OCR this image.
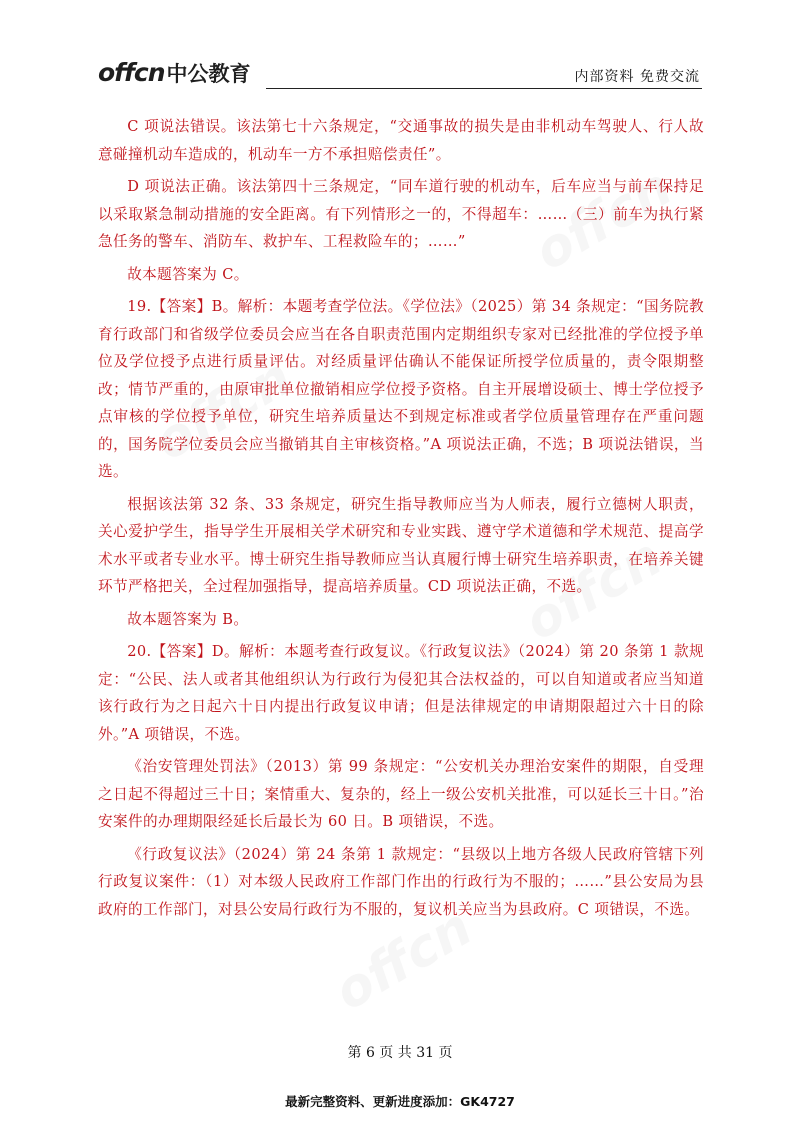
offcn 中公教育	内部资料 免费交流

C 项说法错误。该法第七十六条规定，“交通事故的损失是由非机动车驾驶人、行人故意碰撞机动车造成的，机动车一方不承担赔偿责任”。

D 项说法正确。该法第四十三条规定，“同车道行驶的机动车，后车应当与前车保持足以采取紧急制动措施的安全距离。有下列情形之一的，不得超车：……（三）前车为执行紧急任务的警车、消防车、救护车、工程救险车的；……”

故本题答案为 C。

19.【答案】B。解析：本题考查学位法。《学位法》（2025）第 34 条规定：“国务院教育行政部门和省级学位委员会应当在各自职责范围内定期组织专家对已经批准的学位授予单位及学位授予点进行质量评估。对经质量评估确认不能保证所授学位质量的，责令限期整改；情节严重的，由原审批单位撤销相应学位授予资格。自主开展增设硕士、博士学位授予点审核的学位授予单位，研究生培养质量达不到规定标准或者学位质量管理存在严重问题的，国务院学位委员会应当撤销其自主审核资格。”A 项说法正确，不选；B 项说法错误，当选。

根据该法第 32 条、33 条规定，研究生指导教师应当为人师表，履行立德树人职责，关心爱护学生，指导学生开展相关学术研究和专业实践、遵守学术道德和学术规范、提高学术水平或者专业水平。博士研究生指导教师应当认真履行博士研究生培养职责，在培养关键环节严格把关，全过程加强指导，提高培养质量。CD 项说法正确，不选。

故本题答案为 B。

20.【答案】D。解析：本题考查行政复议。《行政复议法》（2024）第 20 条第 1 款规定：“公民、法人或者其他组织认为行政行为侵犯其合法权益的，可以自知道或者应当知道该行政行为之日起六十日内提出行政复议申请；但是法律规定的申请期限超过六十日的除外。”A 项错误，不选。

《治安管理处罚法》（2013）第 99 条规定：“公安机关办理治安案件的期限，自受理之日起不得超过三十日；案情重大、复杂的，经上一级公安机关批准，可以延长三十日。”治安案件的办理期限经延长后最长为 60 日。B 项错误，不选。

《行政复议法》（2024）第 24 条第 1 款规定：“县级以上地方各级人民政府管辖下列行政复议案件：（1）对本级人民政府工作部门作出的行政行为不服的；……”县公安局为县政府的工作部门，对县公安局行政行为不服的，复议机关应当为县政府。C 项错误，不选。

第 6 页 共 31 页
最新完整资料、更新进度添加：GK4727
